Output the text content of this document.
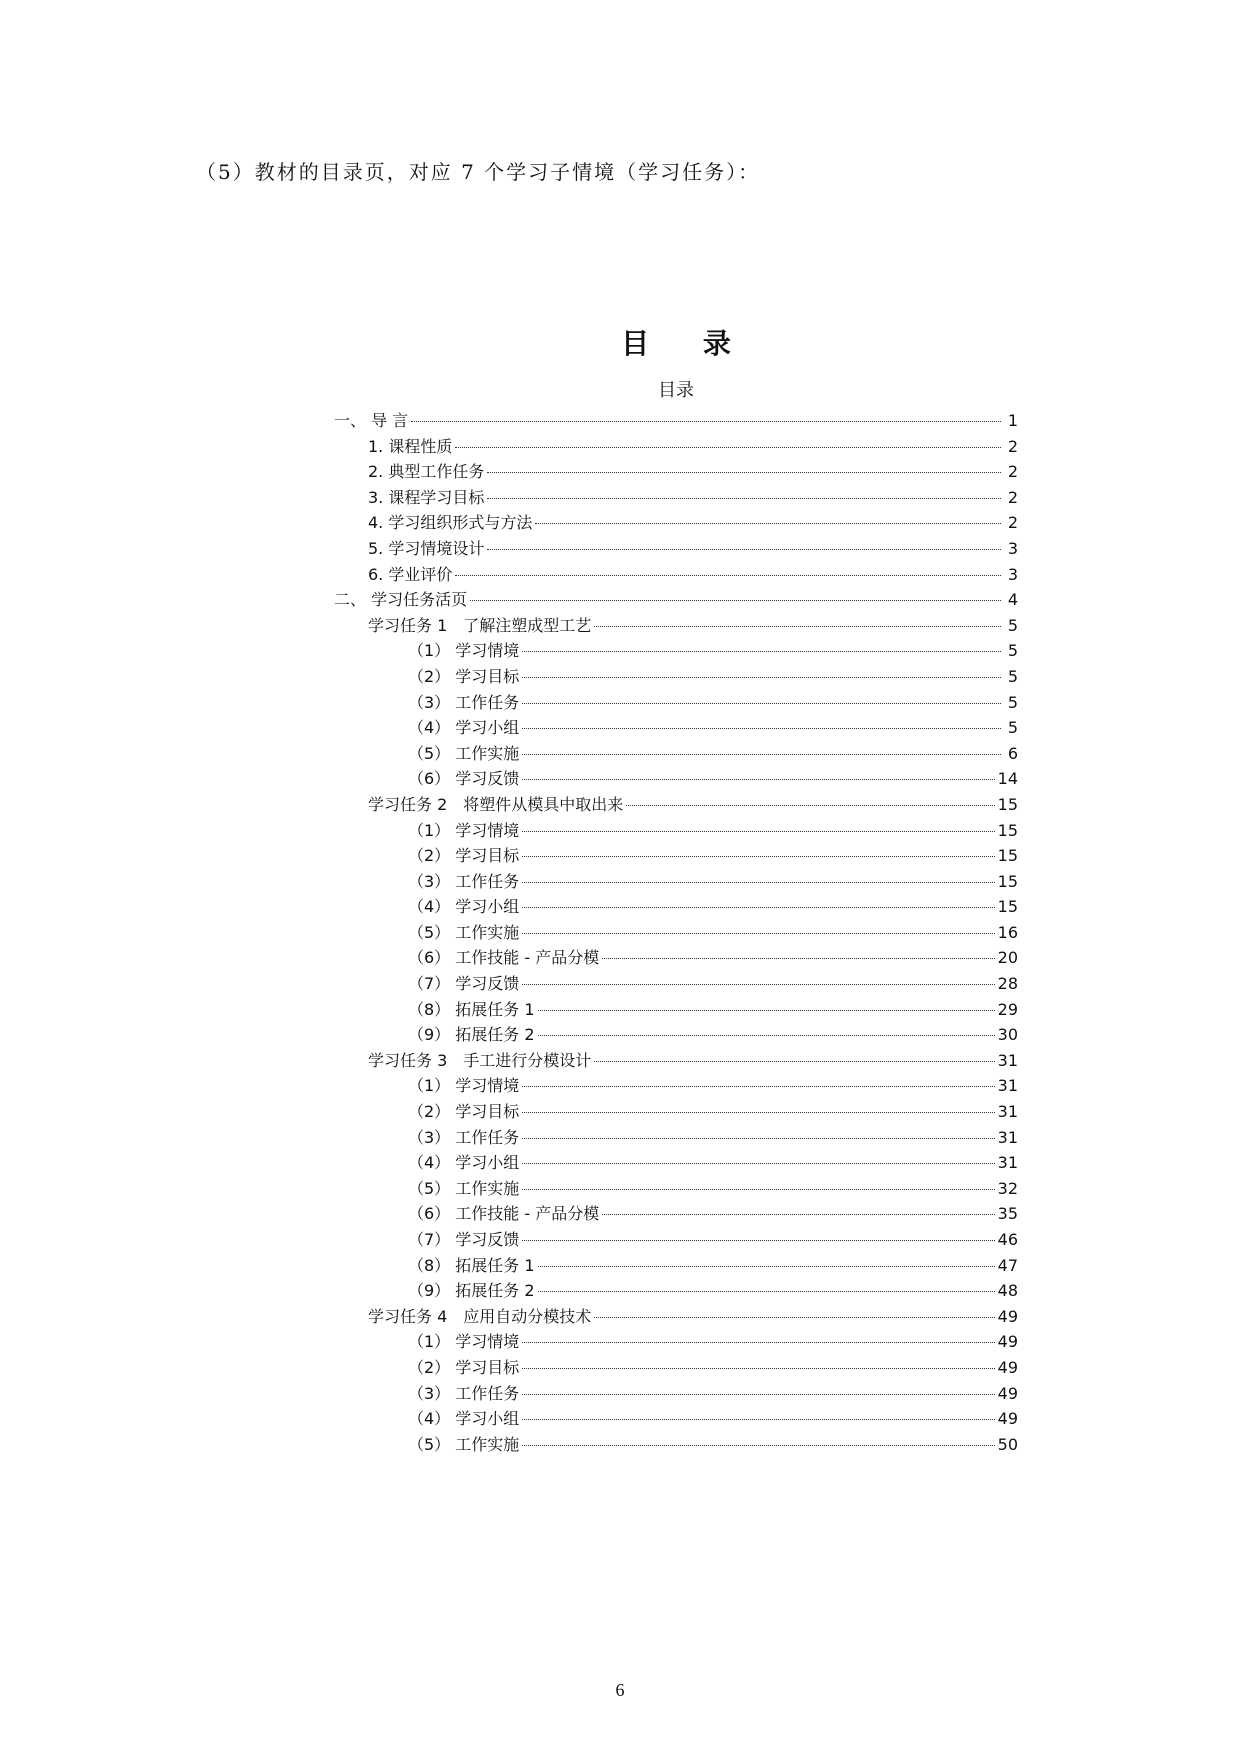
（5）教材的目录页，对应 7 个学习子情境（学习任务）：
目 录
目录
一、 导 言	1
1. 课程性质	2
2. 典型工作任务	2
3. 课程学习目标	2
4. 学习组织形式与方法	2
5. 学习情境设计	3
6. 学业评价	3
二、 学习任务活页	4
学习任务 1　了解注塑成型工艺	5
（1） 学习情境	5
（2） 学习目标	5
（3） 工作任务	5
（4） 学习小组	5
（5） 工作实施	6
（6） 学习反馈	14
学习任务 2　将塑件从模具中取出来	15
（1） 学习情境	15
（2） 学习目标	15
（3） 工作任务	15
（4） 学习小组	15
（5） 工作实施	16
（6） 工作技能 - 产品分模	20
（7） 学习反馈	28
（8） 拓展任务 1	29
（9） 拓展任务 2	30
学习任务 3　手工进行分模设计	31
（1） 学习情境	31
（2） 学习目标	31
（3） 工作任务	31
（4） 学习小组	31
（5） 工作实施	32
（6） 工作技能 - 产品分模	35
（7） 学习反馈	46
（8） 拓展任务 1	47
（9） 拓展任务 2	48
学习任务 4　应用自动分模技术	49
（1） 学习情境	49
（2） 学习目标	49
（3） 工作任务	49
（4） 学习小组	49
（5） 工作实施	50
6
